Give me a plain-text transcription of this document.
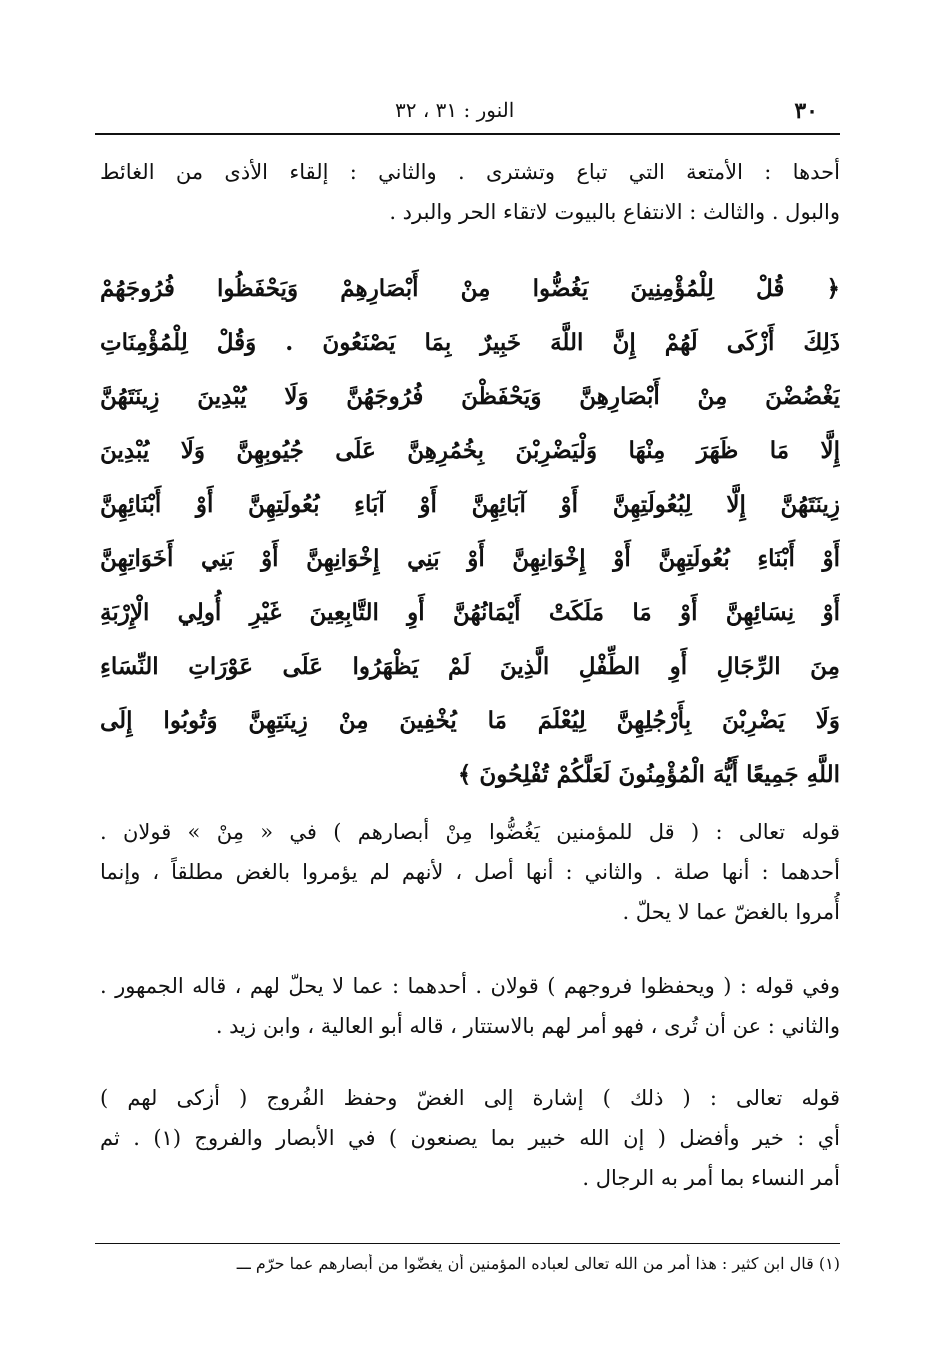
٣٠
النور : ٣١ ، ٣٢
أحدها : الأمتعة التي تباع وتشترى . والثاني : إلقاء الأذى من الغائط
والبول . والثالث : الانتفاع بالبيوت لاتقاء الحر والبرد .
﴿ قُلْ لِلْمُؤْمِنِينَ يَغُضُّوا مِنْ أَبْصَارِهِمْ وَيَحْفَظُوا فُرُوجَهُمْ
ذَلِكَ أَزْكَى لَهُمْ إِنَّ اللَّهَ خَبِيرٌ بِمَا يَصْنَعُونَ . وَقُلْ لِلْمُؤْمِنَاتِ
يَغْضُضْنَ مِنْ أَبْصَارِهِنَّ وَيَحْفَظْنَ فُرُوجَهُنَّ وَلَا يُبْدِينَ زِينَتَهُنَّ
إِلَّا مَا ظَهَرَ مِنْهَا وَلْيَضْرِبْنَ بِخُمُرِهِنَّ عَلَى جُيُوبِهِنَّ وَلَا يُبْدِينَ
زِينَتَهُنَّ إِلَّا لِبُعُولَتِهِنَّ أَوْ آبَائِهِنَّ أَوْ آبَاءِ بُعُولَتِهِنَّ أَوْ أَبْنَائِهِنَّ
أَوْ أَبْنَاءِ بُعُولَتِهِنَّ أَوْ إِخْوَانِهِنَّ أَوْ بَنِي إِخْوَانِهِنَّ أَوْ بَنِي أَخَوَاتِهِنَّ
أَوْ نِسَائِهِنَّ أَوْ مَا مَلَكَتْ أَيْمَانُهُنَّ أَوِ التَّابِعِينَ غَيْرِ أُولِي الْإِرْبَةِ
مِنَ الرِّجَالِ أَوِ الطِّفْلِ الَّذِينَ لَمْ يَظْهَرُوا عَلَى عَوْرَاتِ النِّسَاءِ
وَلَا يَضْرِبْنَ بِأَرْجُلِهِنَّ لِيُعْلَمَ مَا يُخْفِينَ مِنْ زِينَتِهِنَّ وَتُوبُوا إِلَى
اللَّهِ جَمِيعًا أَيُّهَ الْمُؤْمِنُونَ لَعَلَّكُمْ تُفْلِحُونَ ﴾
قوله تعالى : ( قل للمؤمنين يَغُضُّوا مِنْ أبصارهم ) في « مِنْ » قولان .
أحدهما : أنها صلة . والثاني : أنها أصل ، لأنهم لم يؤمروا بالغض مطلقاً ، وإنما
أُمروا بالغضّ عما لا يحلّ .
وفي قوله : ( ويحفظوا فروجهم ) قولان . أحدهما : عما لا يحلّ لهم ، قاله الجمهور .
والثاني : عن أن تُرى ، فهو أمر لهم بالاستتار ، قاله أبو العالية ، وابن زيد .
قوله تعالى : ( ذلك ) إشارة إلى الغضّ وحفظ الفُروج ( أزكى لهم )
أي : خير وأفضل ( إن الله خبير بما يصنعون ) في الأبصار والفروج (١) . ثم
أمر النساء بما أمر به الرجال .
(١) قال ابن كثير : هذا أمر من الله تعالى لعباده المؤمنين أن يغضّوا من أبصارهم عما حرّم ـــ
